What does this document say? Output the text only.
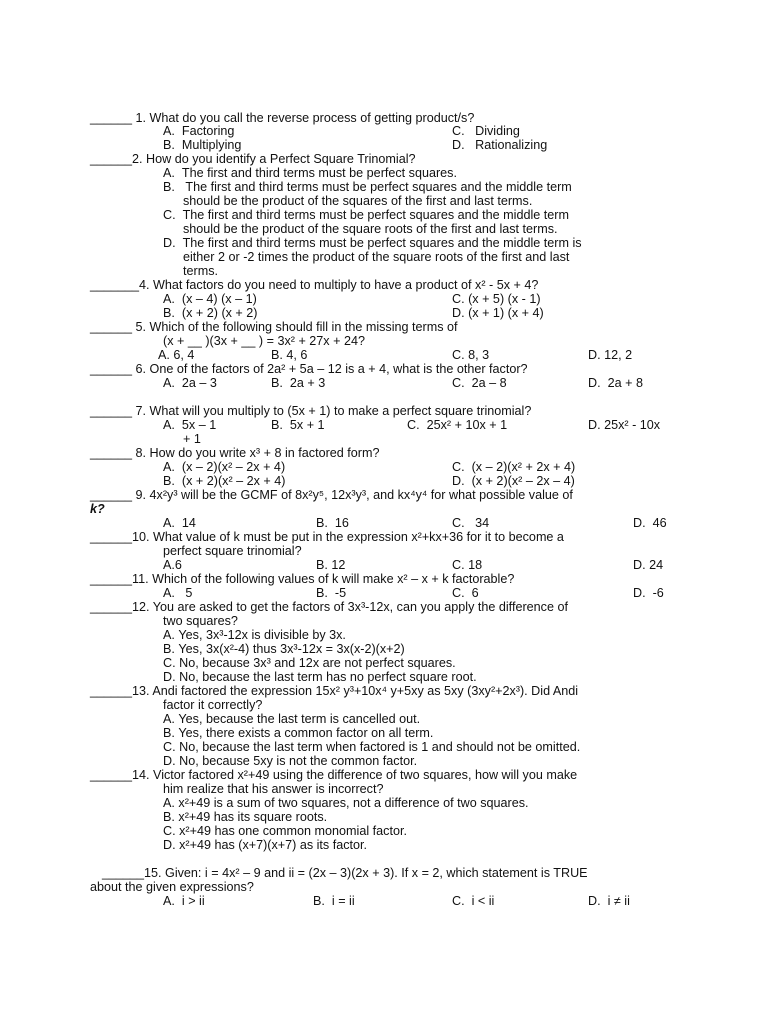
______ 1. What do you call the reverse process of getting product/s?
A. Factoring	C. Dividing
B. Multiplying	D. Rationalizing
______2. How do you identify a Perfect Square Trinomial?
A. The first and third terms must be perfect squares.
B. The first and third terms must be perfect squares and the middle term
should be the product of the squares of the first and last terms.
C. The first and third terms must be perfect squares and the middle term
should be the product of the square roots of the first and last terms.
D. The first and third terms must be perfect squares and the middle term is
either 2 or -2 times the product of the square roots of the first and last
terms.
_______4. What factors do you need to multiply to have a product of x² - 5x + 4?
A. (x – 4) (x – 1)	C. (x + 5) (x - 1)
B. (x + 2) (x + 2)	D. (x + 1) (x + 4)
______ 5. Which of the following should fill in the missing terms of
(x + __ )(3x + __ ) = 3x² + 27x + 24?
A. 6, 4	B. 4, 6	C. 8, 3	D. 12, 2
______ 6. One of the factors of 2a² + 5a – 12 is a + 4, what is the other factor?
A. 2a – 3	B. 2a + 3	C. 2a – 8	D. 2a + 8
______ 7. What will you multiply to (5x + 1) to make a perfect square trinomial?
A. 5x – 1	B. 5x + 1	C. 25x² + 10x + 1	D. 25x² - 10x
+ 1
______ 8. How do you write x³ + 8 in factored form?
A. (x – 2)(x² – 2x + 4)	C. (x – 2)(x² + 2x + 4)
B. (x + 2)(x² – 2x + 4)	D. (x + 2)(x² – 2x – 4)
______ 9. 4x²y³ will be the GCMF of 8x²y⁵, 12x³y³, and kx⁴y⁴ for what possible value of
k?
A. 14	B. 16	C. 34	D. 46
______10. What value of k must be put in the expression x²+kx+36 for it to become a
perfect square trinomial?
A.6	B. 12	C. 18	D. 24
______11. Which of the following values of k will make x² – x + k factorable?
A. 5	B. -5	C. 6	D. -6
______12. You are asked to get the factors of 3x³-12x, can you apply the difference of
two squares?
A. Yes, 3x³-12x is divisible by 3x.
B. Yes, 3x(x²-4) thus 3x³-12x = 3x(x-2)(x+2)
C. No, because 3x³ and 12x are not perfect squares.
D. No, because the last term has no perfect square root.
______13. Andi factored the expression 15x² y³+10x⁴ y+5xy as 5xy (3xy²+2x³). Did Andi
factor it correctly?
A. Yes, because the last term is cancelled out.
B. Yes, there exists a common factor on all term.
C. No, because the last term when factored is 1 and should not be omitted.
D. No, because 5xy is not the common factor.
______14. Victor factored x²+49 using the difference of two squares, how will you make
him realize that his answer is incorrect?
A. x²+49 is a sum of two squares, not a difference of two squares.
B. x²+49 has its square roots.
C. x²+49 has one common monomial factor.
D. x²+49 has (x+7)(x+7) as its factor.
______15. Given: i = 4x² – 9 and ii = (2x – 3)(2x + 3). If x = 2, which statement is TRUE
about the given expressions?
A. i > ii	B. i = ii	C. i < ii	D. i ≠ ii
